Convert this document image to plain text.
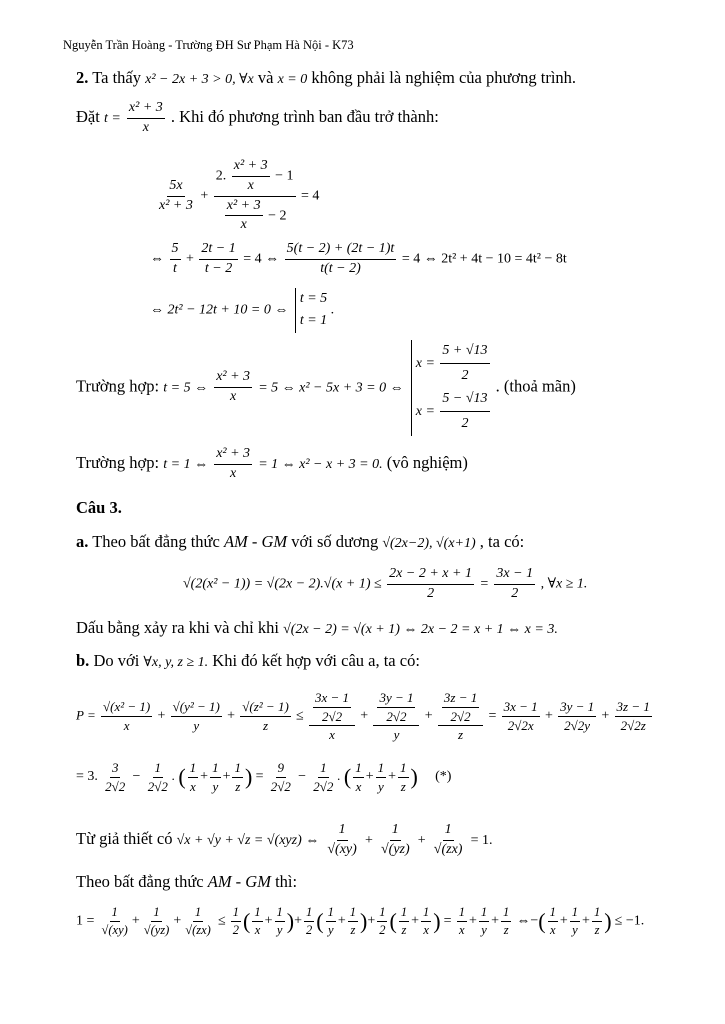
Nguyễn Trần Hoàng - Trường ĐH Sư Phạm Hà Nội - K73
2. Ta thấy x² − 2x + 3 > 0, ∀x và x = 0 không phải là nghiệm của phương trình.
Đặt $t = \frac{\text{x² + 3}}{x}$ . Khi đó phương trình ban đầu trở thành:
$\frac{5x}{\text{x² + 3}}$ +
2. $\frac{\text{x² + 3}}{x} - 1$
$\frac{\text{x² + 3}}{x} - 2$
= 4
⇔ $\frac{5}{t} + \frac{2t - 1}{t - 2} = 4$ ⇔ $\frac{5(t - 2) + (2t - 1)t}{t(t - 2)} = 4$ ⇔ 2t² + 4t − 10 = 4t² − 8t
⇔ 2t² − 12t + 10 = 0 ⇔
t = 5
t = 1
.
Trường hợp: t = 5 ⇔ $\frac{\text{x² + 3}}{x} = 5$ ⇔ x² − 5x + 3 = 0 ⇔
$x = \frac{5 + √13}{2}$
$x = \frac{5 - √13}{2}$
. (thoả mãn)
Trường hợp: t = 1 ⇔ $\frac{\text{x² + 3}}{x} = 1$ ⇔ x² − x + 3 = 0. (vô nghiệm)
Câu 3.
a. Theo bất đẳng thức AM - GM với số dương √(2x−2), √(x+1) , ta có:
$√(2(x^2 - 1)) = √(2x - 2).√(x + 1) \le \frac{2x - 2 + x + 1}{2} = \frac{3x - 1}{2}$ , ∀x ≥ 1.
Dấu bằng xảy ra khi và chỉ khi √(2x − 2) = √(x + 1) ⇔ 2x − 2 = x + 1 ⇔ x = 3.
b. Do với ∀x, y, z ≥ 1. Khi đó kết hợp với câu a, ta có:
$P = \frac{\text{√(x² − 1)}}{x} + \frac{\text{√(y² − 1)}}{y} + \frac{\text{√(z² − 1)}}{z} \le \frac{\frac{3x - 1}{2√2}}{x} + \frac{\frac{3y - 1}{2√2}}{y} + \frac{\frac{3z - 1}{2√2}}{z} = \frac{3x - 1}{2√2x} + \frac{3y - 1}{2√2y} + \frac{3z - 1}{2√2z}$
= 3. $\frac{3}{2√2} - \frac{1}{2√2}$ . ( $\frac{1}{x} + \frac{1}{y} + \frac{1}{z}$ ) = $\frac{9}{2√2} - \frac{1}{2√2}$ . ( $\frac{1}{x} + \frac{1}{y} + \frac{1}{z}$ ) (*)
Từ giả thiết có √x + √y + √z = √(xyz) ⇔ $\frac{1}{√(xy)} + \frac{1}{√(yz)} + \frac{1}{√(zx)} = 1$.
Theo bất đẳng thức AM - GM thì:
$1 = \frac{1}{√(xy)} + \frac{1}{√(yz)} + \frac{1}{√(zx)} \le \frac{1}{2}$ ( $\frac{1}{x} + \frac{1}{y}$ )+ $\frac{1}{2}$ ( $\frac{1}{y} + \frac{1}{z}$ )+ $\frac{1}{2}$ ( $\frac{1}{z} + \frac{1}{x}$ ) = $\frac{1}{x} + \frac{1}{y} + \frac{1}{z}$ ⇔−( $\frac{1}{x} + \frac{1}{y} + \frac{1}{z}$ ) ≤ −1.
